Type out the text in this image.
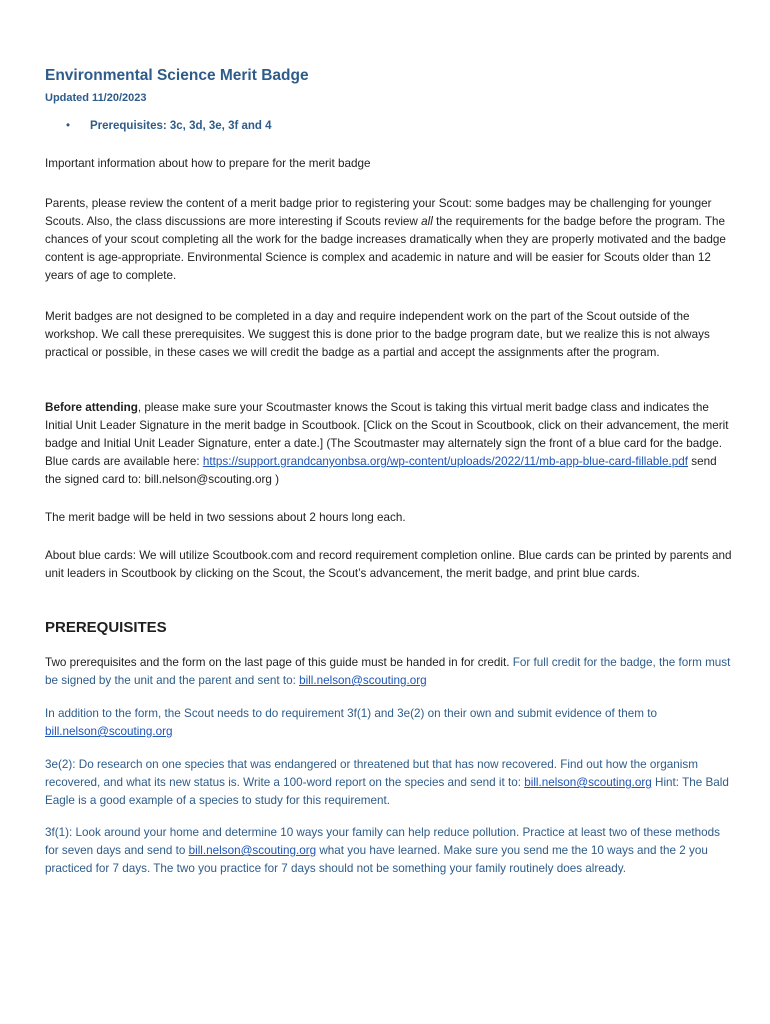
Environmental Science Merit Badge
Updated 11/20/2023
• Prerequisites: 3c, 3d, 3e, 3f and 4

Important information about how to prepare for the merit badge

Parents, please review the content of a merit badge prior to registering your Scout: some badges may be challenging for younger Scouts. Also, the class discussions are more interesting if Scouts review all the requirements for the badge before the program. The chances of your scout completing all the work for the badge increases dramatically when they are properly motivated and the badge content is age-appropriate. Environmental Science is complex and academic in nature and will be easier for Scouts older than 12 years of age to complete.

Merit badges are not designed to be completed in a day and require independent work on the part of the Scout outside of the workshop. We call these prerequisites. We suggest this is done prior to the badge program date, but we realize this is not always practical or possible, in these cases we will credit the badge as a partial and accept the assignments after the program.

Before attending, please make sure your Scoutmaster knows the Scout is taking this virtual merit badge class and indicates the Initial Unit Leader Signature in the merit badge in Scoutbook. [Click on the Scout in Scoutbook, click on their advancement, the merit badge and Initial Unit Leader Signature, enter a date.] (The Scoutmaster may alternately sign the front of a blue card for the badge. Blue cards are available here: https://support.grandcanyonbsa.org/wp-content/uploads/2022/11/mb-app-blue-card-fillable.pdf send the signed card to: bill.nelson@scouting.org )

The merit badge will be held in two sessions about 2 hours long each.

About blue cards: We will utilize Scoutbook.com and record requirement completion online. Blue cards can be printed by parents and unit leaders in Scoutbook by clicking on the Scout, the Scout’s advancement, the merit badge, and print blue cards.

PREREQUISITES

Two prerequisites and the form on the last page of this guide must be handed in for credit. For full credit for the badge, the form must be signed by the unit and the parent and sent to: bill.nelson@scouting.org

In addition to the form, the Scout needs to do requirement 3f(1) and 3e(2) on their own and submit evidence of them to bill.nelson@scouting.org

3e(2): Do research on one species that was endangered or threatened but that has now recovered. Find out how the organism recovered, and what its new status is. Write a 100-word report on the species and send it to: bill.nelson@scouting.org Hint: The Bald Eagle is a good example of a species to study for this requirement.

3f(1): Look around your home and determine 10 ways your family can help reduce pollution. Practice at least two of these methods for seven days and send to bill.nelson@scouting.org what you have learned. Make sure you send me the 10 ways and the 2 you practiced for 7 days. The two you practice for 7 days should not be something your family routinely does already.
